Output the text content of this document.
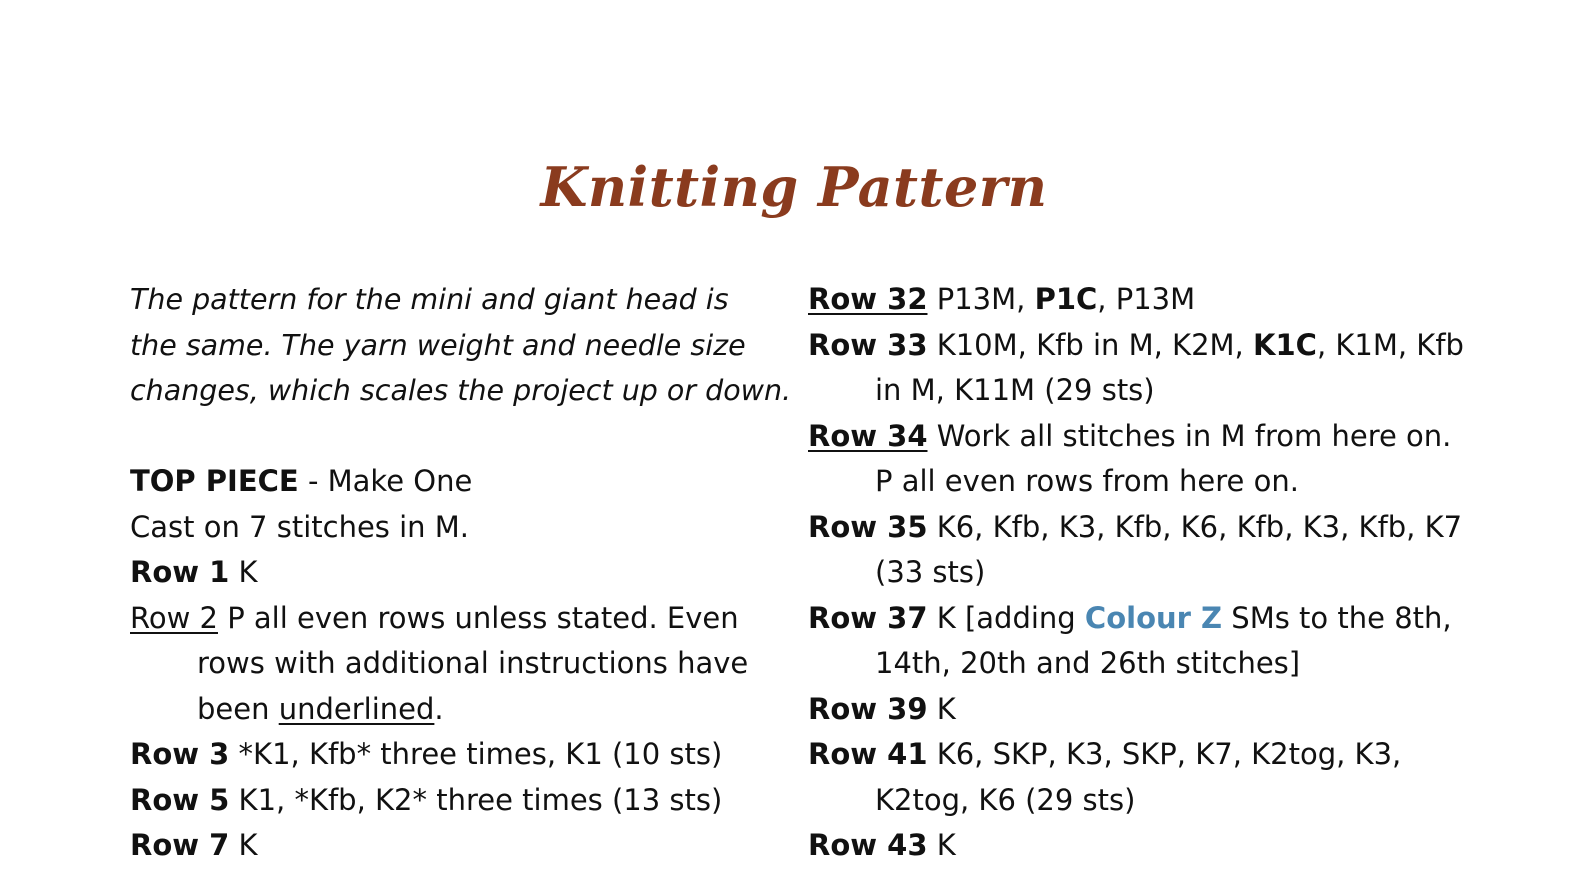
Knitting Pattern
The pattern for the mini and giant head is
the same. The yarn weight and needle size
changes, which scales the project up or down.
TOP PIECE - Make One
Cast on 7 stitches in M.
Row 1 K
Row 2 P all even rows unless stated. Even
rows with additional instructions have
been underlined.
Row 3 *K1, Kfb* three times, K1 (10 sts)
Row 5 K1, *Kfb, K2* three times (13 sts)
Row 7 K
Row 32 P13M, P1C, P13M
Row 33 K10M, Kfb in M, K2M, K1C, K1M, Kfb
in M, K11M (29 sts)
Row 34 Work all stitches in M from here on.
P all even rows from here on.
Row 35 K6, Kfb, K3, Kfb, K6, Kfb, K3, Kfb, K7
(33 sts)
Row 37 K [adding Colour Z SMs to the 8th,
14th, 20th and 26th stitches]
Row 39 K
Row 41 K6, SKP, K3, SKP, K7, K2tog, K3,
K2tog, K6 (29 sts)
Row 43 K
